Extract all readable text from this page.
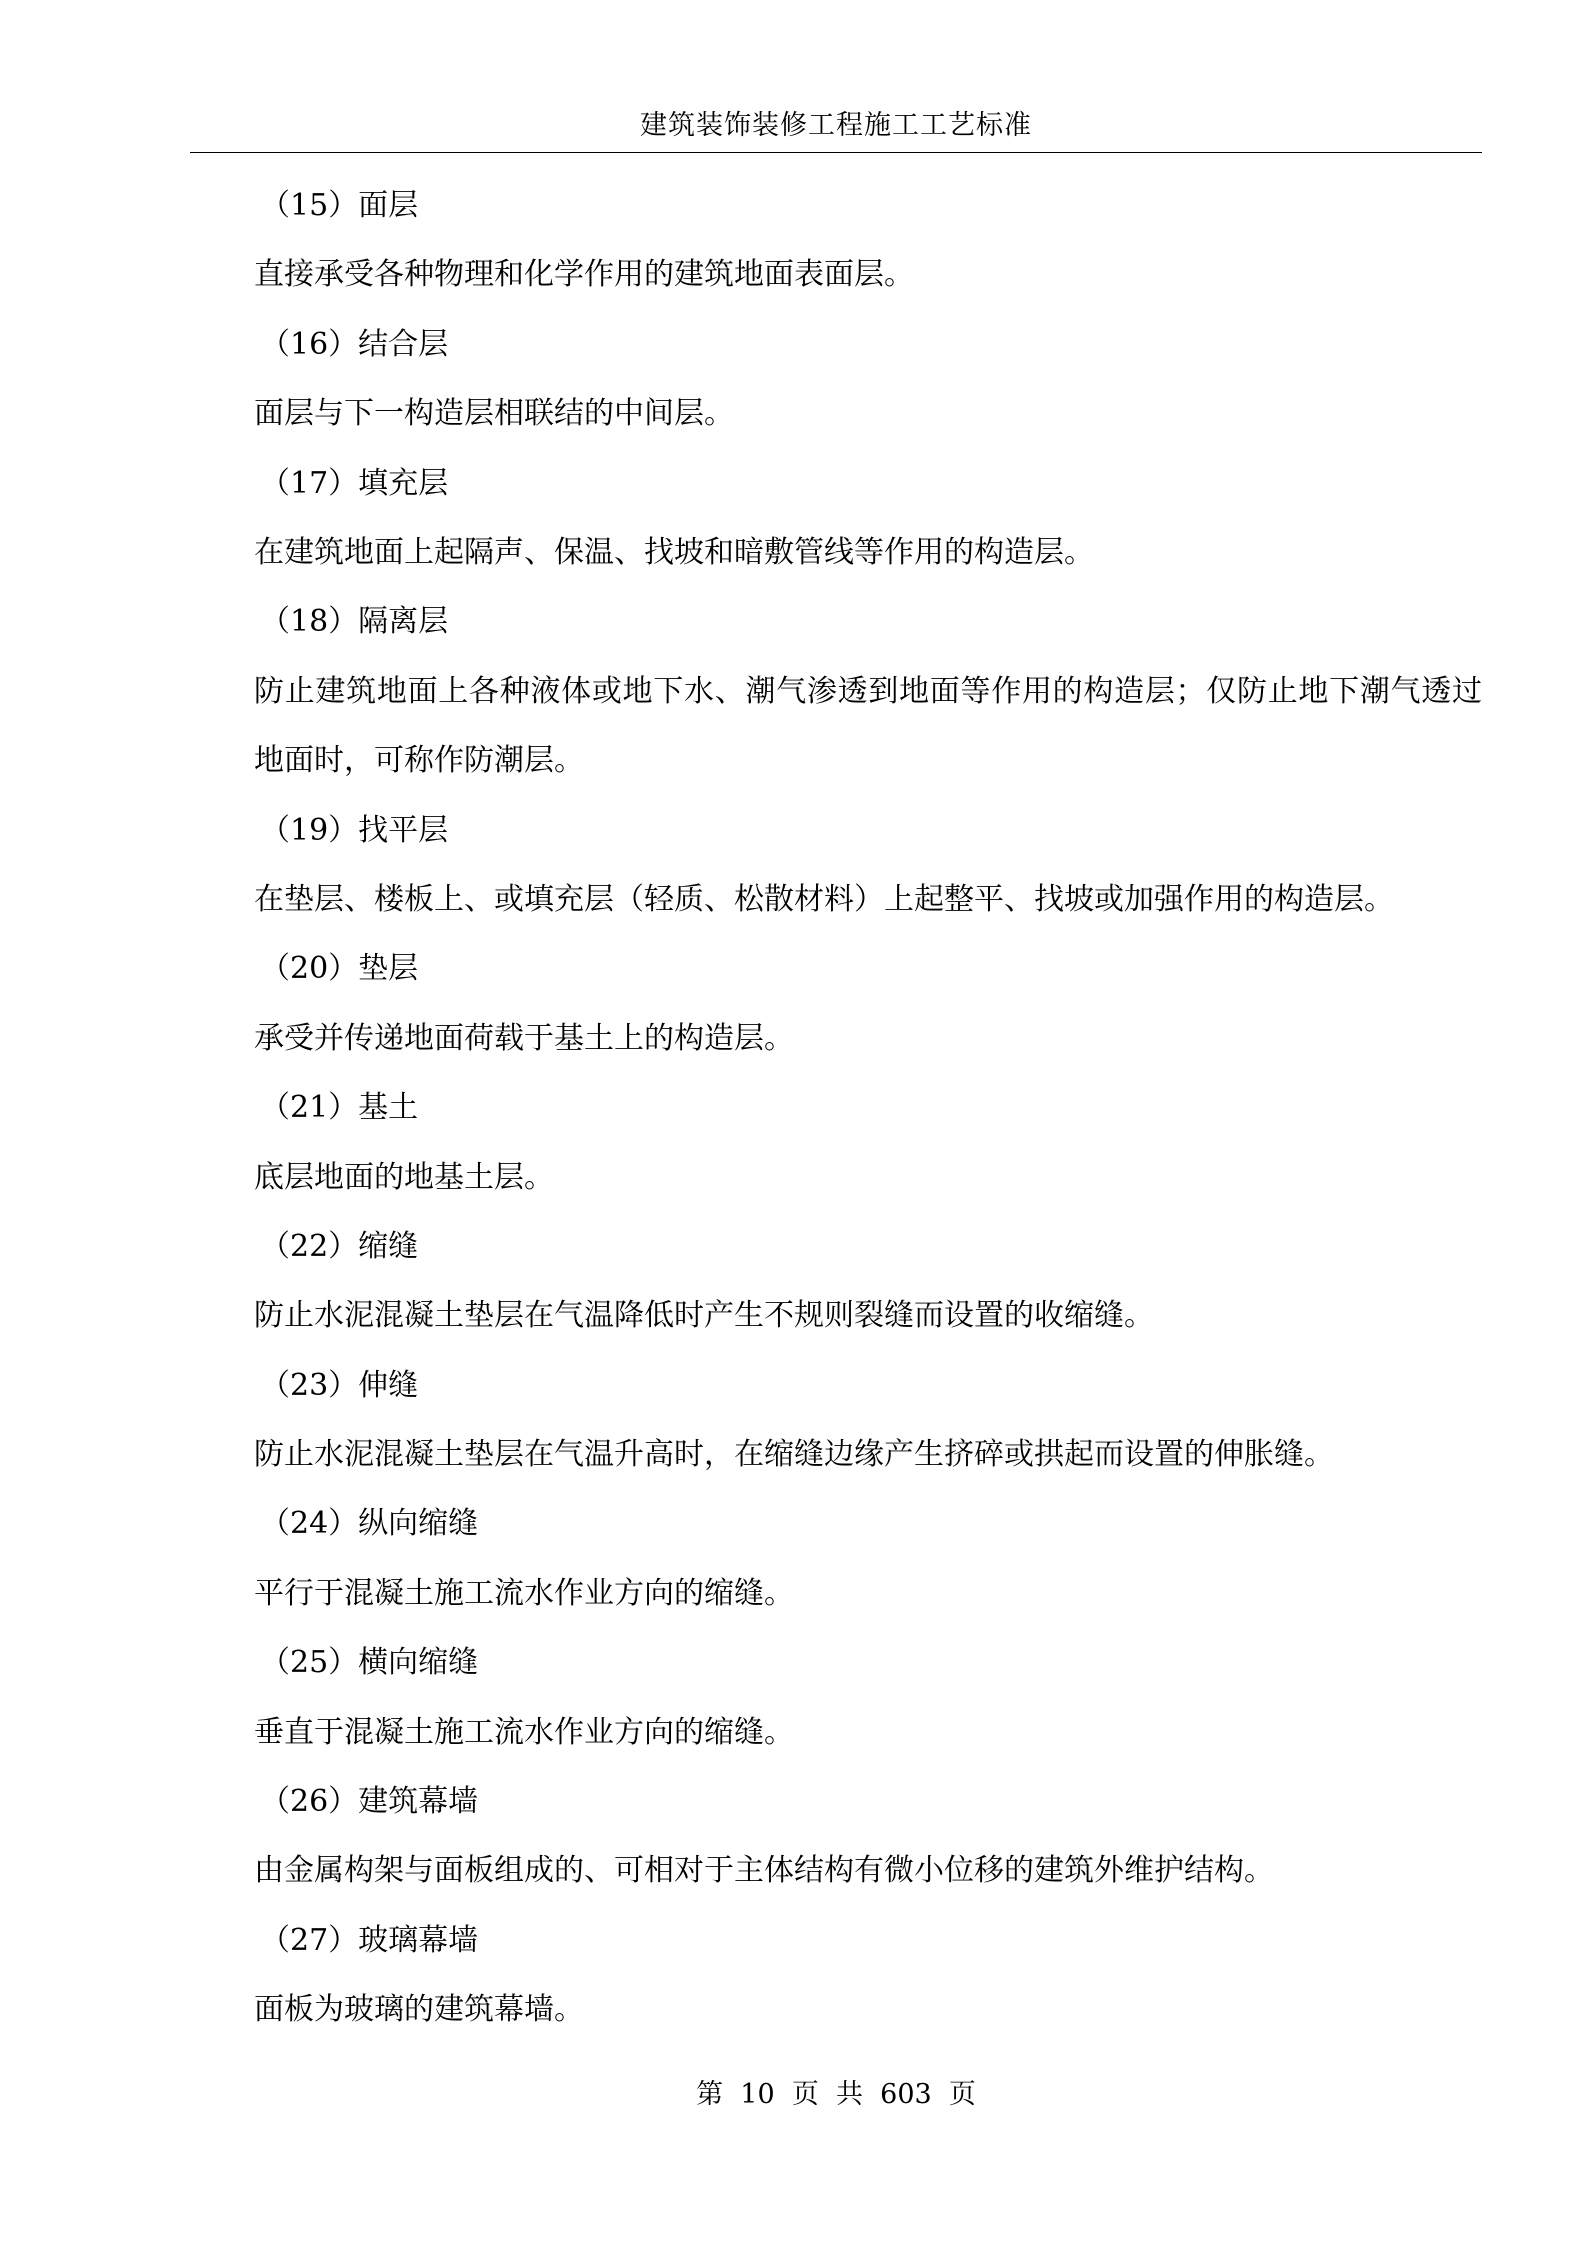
建筑装饰装修工程施工工艺标准

（15）面层

直接承受各种物理和化学作用的建筑地面表面层。

（16）结合层

面层与下一构造层相联结的中间层。

（17）填充层

在建筑地面上起隔声、保温、找坡和暗敷管线等作用的构造层。

（18）隔离层

防止建筑地面上各种液体或地下水、潮气渗透到地面等作用的构造层；仅防止地下潮气透过地面时，可称作防潮层。

（19）找平层

在垫层、楼板上、或填充层（轻质、松散材料）上起整平、找坡或加强作用的构造层。

（20）垫层

承受并传递地面荷载于基土上的构造层。

（21）基土

底层地面的地基土层。

（22）缩缝

防止水泥混凝土垫层在气温降低时产生不规则裂缝而设置的收缩缝。

（23）伸缝

防止水泥混凝土垫层在气温升高时，在缩缝边缘产生挤碎或拱起而设置的伸胀缝。

（24）纵向缩缝

平行于混凝土施工流水作业方向的缩缝。

（25）横向缩缝

垂直于混凝土施工流水作业方向的缩缝。

（26）建筑幕墙

由金属构架与面板组成的、可相对于主体结构有微小位移的建筑外维护结构。

（27）玻璃幕墙

面板为玻璃的建筑幕墙。

第  10  页  共  603  页
